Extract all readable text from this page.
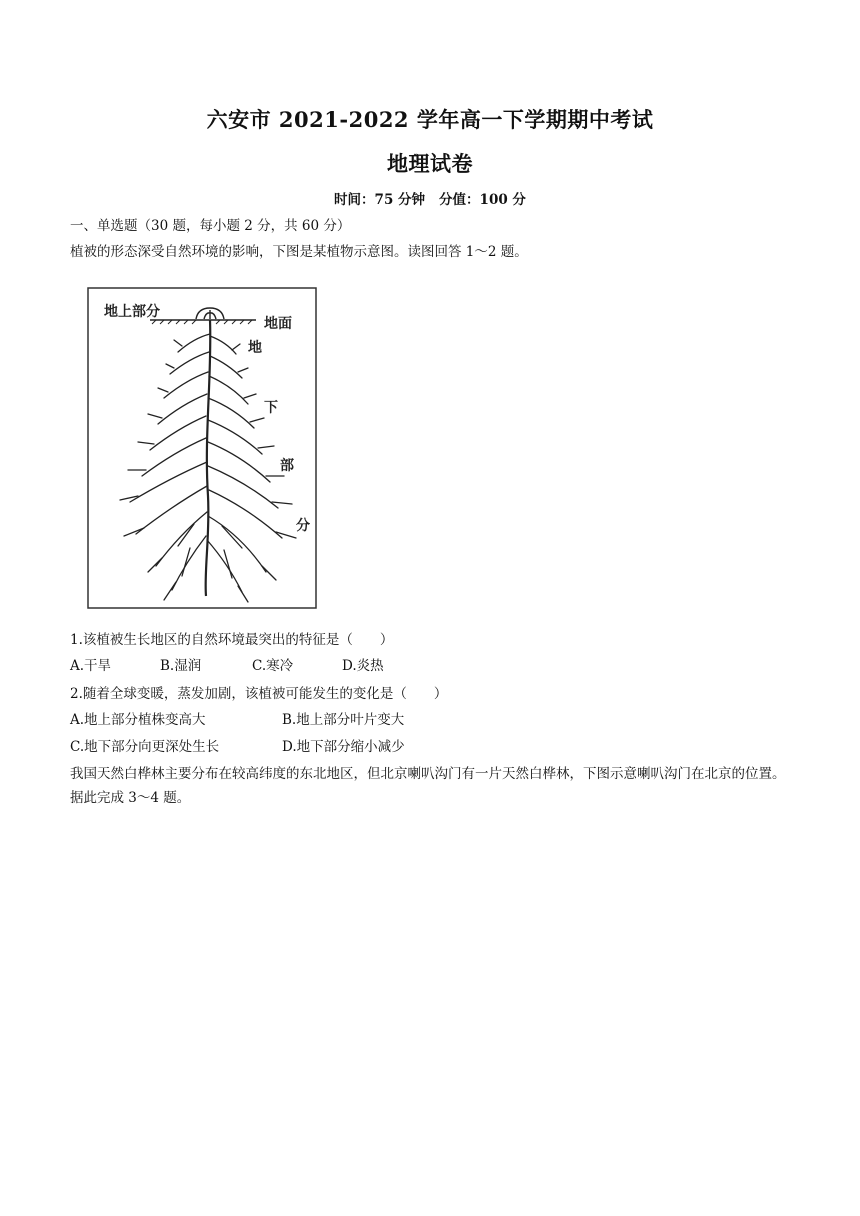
六安市 2021-2022 学年高一下学期期中考试
地理试卷
时间：75 分钟 分值：100 分
一、单选题（30 题，每小题 2 分，共 60 分）
植被的形态深受自然环境的影响，下图是某植物示意图。读图回答 1～2 题。
地上部分
地面
地
下
部
分
1.该植被生长地区的自然环境最突出的特征是（　　）
A.干旱	B.湿润	C.寒冷	D.炎热
2.随着全球变暖，蒸发加剧，该植被可能发生的变化是（　　）
A.地上部分植株变高大	B.地上部分叶片变大
C.地下部分向更深处生长	D.地下部分缩小减少
我国天然白桦林主要分布在较高纬度的东北地区，但北京喇叭沟门有一片天然白桦林，下图示意喇叭沟门在北京的位置。据此完成 3～4 题。
